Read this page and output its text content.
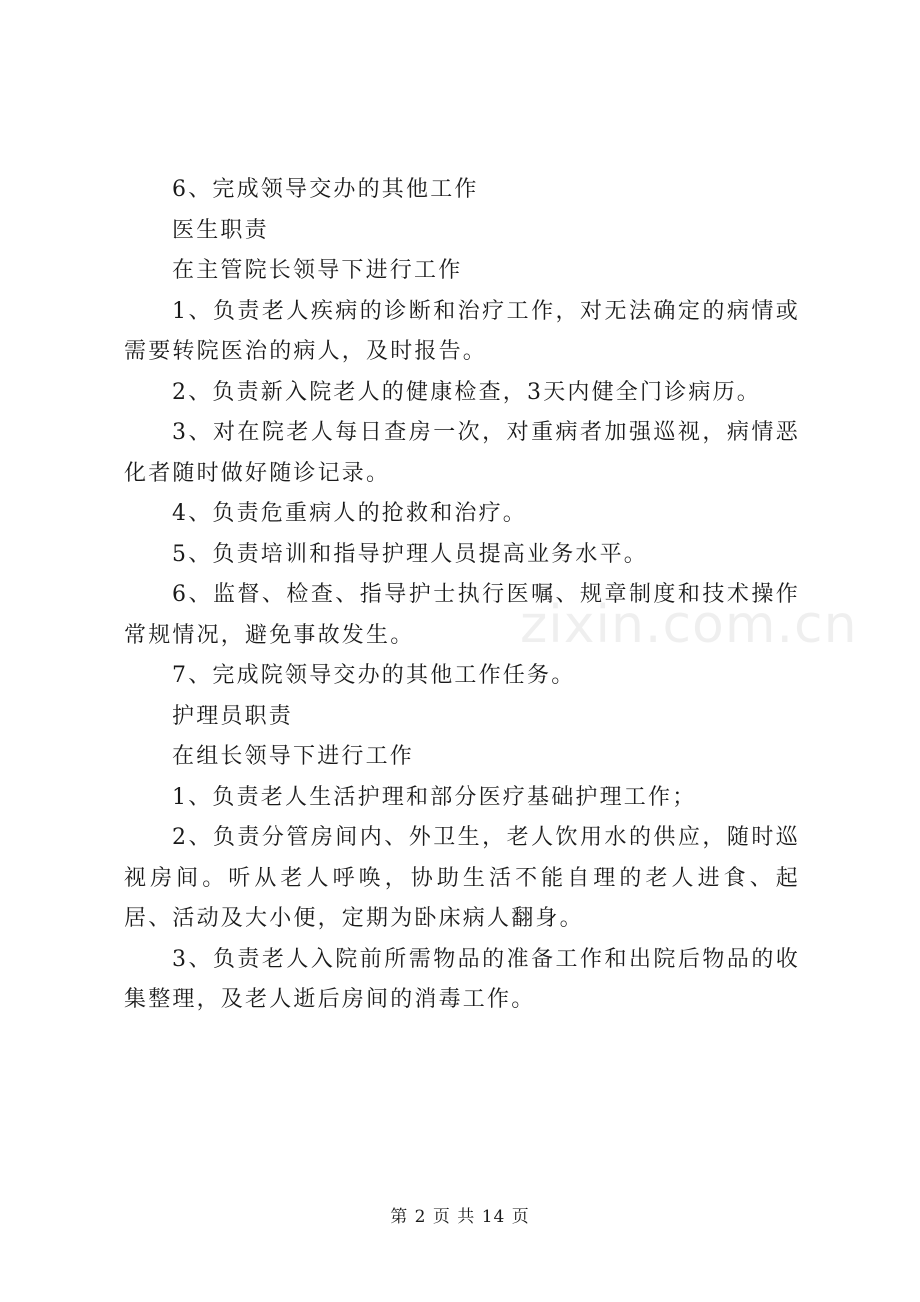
6、完成领导交办的其他工作

医生职责

在主管院长领导下进行工作

1、负责老人疾病的诊断和治疗工作，对无法确定的病情或需要转院医治的病人，及时报告。

2、负责新入院老人的健康检查，3天内健全门诊病历。

3、对在院老人每日查房一次，对重病者加强巡视，病情恶化者随时做好随诊记录。

4、负责危重病人的抢救和治疗。

5、负责培训和指导护理人员提高业务水平。

6、监督、检查、指导护士执行医嘱、规章制度和技术操作常规情况，避免事故发生。

7、完成院领导交办的其他工作任务。

护理员职责

在组长领导下进行工作

1、负责老人生活护理和部分医疗基础护理工作；

2、负责分管房间内、外卫生，老人饮用水的供应，随时巡视房间。听从老人呼唤，协助生活不能自理的老人进食、起居、活动及大小便，定期为卧床病人翻身。

3、负责老人入院前所需物品的准备工作和出院后物品的收集整理，及老人逝后房间的消毒工作。

zixin.com.cn
第 2 页 共 14 页
